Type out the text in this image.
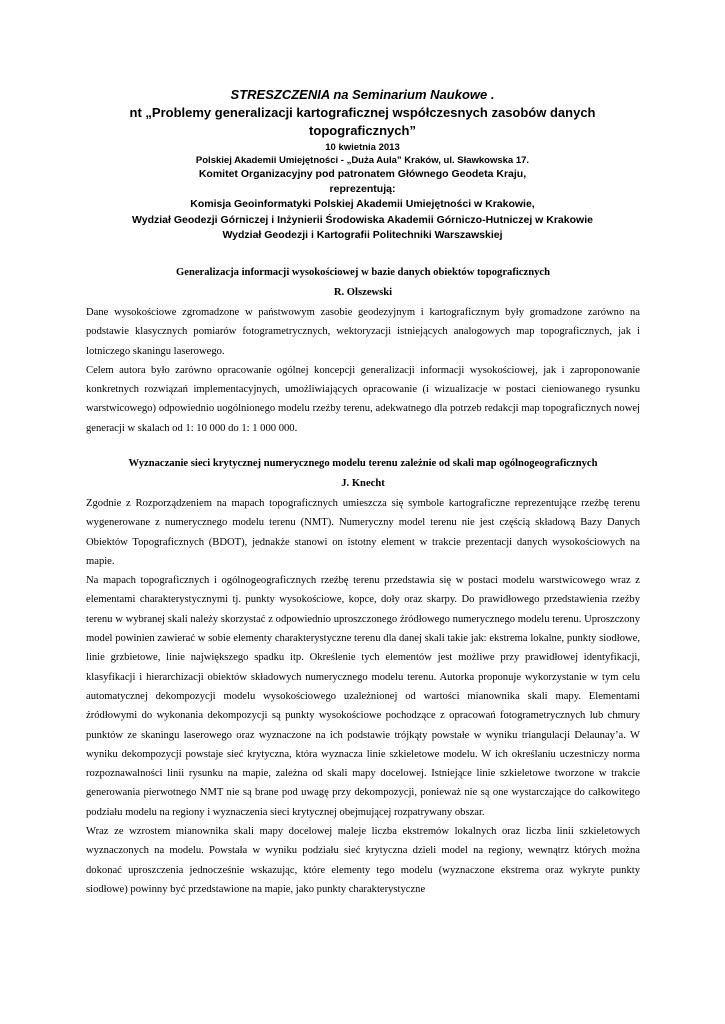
STRESZCZENIA na Seminarium Naukowe .
nt „Problemy generalizacji kartograficznej współczesnych zasobów danych
topograficznych”
10 kwietnia 2013
Polskiej Akademii Umiejętności - „Duża Aula” Kraków, ul. Sławkowska 17.
Komitet Organizacyjny pod patronatem Głównego Geodeta Kraju,
reprezentują:
Komisja Geoinformatyki Polskiej Akademii Umiejętności w Krakowie,
Wydział Geodezji Górniczej i Inżynierii Środowiska Akademii Górniczo-Hutniczej w Krakowie
Wydział Geodezji i Kartografii Politechniki Warszawskiej
Generalizacja informacji wysokościowej w bazie danych obiektów topograficznych
R. Olszewski

Dane wysokościowe zgromadzone w państwowym zasobie geodezyjnym i kartograficznym były gromadzone zarówno na podstawie klasycznych pomiarów fotogrametrycznych, wektoryzacji istniejących analogowych map topograficznych, jak i lotniczego skaningu laserowego.

Celem autora było zarówno opracowanie ogólnej koncepcji generalizacji informacji wysokościowej, jak i zaproponowanie konkretnych rozwiązań implementacyjnych, umożliwiających opracowanie (i wizualizacje w postaci cieniowanego rysunku warstwicowego) odpowiednio uogólnionego modelu rzeźby terenu, adekwatnego dla potrzeb redakcji map topograficznych nowej generacji w skalach od 1: 10 000 do 1: 1 000 000.

Wyznaczanie sieci krytycznej numerycznego modelu terenu zależnie od skali map ogólnogeograficznych
J. Knecht

Zgodnie z Rozporządzeniem na mapach topograficznych umieszcza się symbole kartograficzne reprezentujące rzeźbę terenu wygenerowane z numerycznego modelu terenu (NMT). Numeryczny model terenu nie jest częścią składową Bazy Danych Obiektów Topograficznych (BDOT), jednakże stanowi on istotny element w trakcie prezentacji danych wysokościowych na mapie.

Na mapach topograficznych i ogólnogeograficznych rzeźbę terenu przedstawia się w postaci modelu warstwicowego wraz z elementami charakterystycznymi tj. punkty wysokościowe, kopce, doły oraz skarpy. Do prawidłowego przedstawienia rzeźby terenu w wybranej skali należy skorzystać z odpowiednio uproszczonego źródłowego numerycznego modelu terenu. Uproszczony model powinien zawierać w sobie elementy charakterystyczne terenu dla danej skali takie jak: ekstrema lokalne, punkty siodłowe, linie grzbietowe, linie największego spadku itp. Określenie tych elementów jest możliwe przy prawidłowej identyfikacji, klasyfikacji i hierarchizacji obiektów składowych numerycznego modelu terenu. Autorka proponuje wykorzystanie w tym celu automatycznej dekompozycji modelu wysokościowego uzależnionej od wartości mianownika skali mapy. Elementami źródłowymi do wykonania dekompozycji są punkty wysokościowe pochodzące z opracowań fotogrametrycznych lub chmury punktów ze skaningu laserowego oraz wyznaczone na ich podstawie trójkąty powstałe w wyniku triangulacji Delaunay’a. W wyniku dekompozycji powstaje sieć krytyczna, która wyznacza linie szkieletowe modelu. W ich określaniu uczestniczy norma rozpoznawalności linii rysunku na mapie, zależna od skali mapy docelowej. Istniejące linie szkieletowe tworzone w trakcie generowania pierwotnego NMT nie są brane pod uwagę przy dekompozycji, ponieważ nie są one wystarczające do całkowitego podziału modelu na regiony i wyznaczenia sieci krytycznej obejmującej rozpatrywany obszar.

Wraz ze wzrostem mianownika skali mapy docelowej maleje liczba ekstremów lokalnych oraz liczba linii szkieletowych wyznaczonych na modelu. Powstała w wyniku podziału sieć krytyczna dzieli model na regiony, wewnątrz których można dokonać uproszczenia jednocześnie wskazując, które elementy tego modelu (wyznaczone ekstrema oraz wykryte punkty siodłowe) powinny być przedstawione na mapie, jako punkty charakterystyczne
